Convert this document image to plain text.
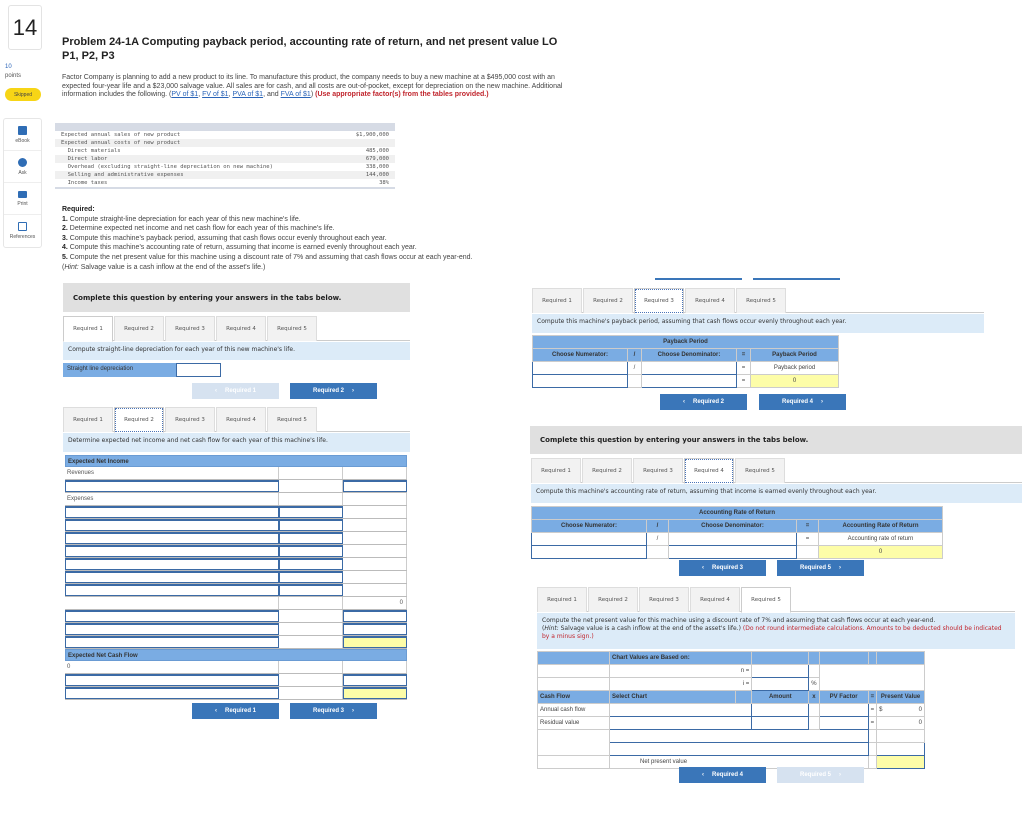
14
10
points
Skipped
eBook
Ask
Print
References
Problem 24-1A Computing payback period, accounting rate of return, and net present value LO P1, P2, P3
Factor Company is planning to add a new product to its line. To manufacture this product, the company needs to buy a new machine at a $495,000 cost with an expected four-year life and a $23,000 salvage value. All sales are for cash, and all costs are out-of-pocket, except for depreciation on the new machine. Additional information includes the following. (PV of $1, FV of $1, PVA of $1, and FVA of $1) (Use appropriate factor(s) from the tables provided.)
Expected annual sales of new product	$1,900,000
Expected annual costs of new product
Direct materials	485,000
Direct labor	679,000
Overhead (excluding straight-line depreciation on new machine)	338,000
Selling and administrative expenses	144,000
Income taxes	38%
Required:
1. Compute straight-line depreciation for each year of this new machine's life.
2. Determine expected net income and net cash flow for each year of this machine's life.
3. Compute this machine's payback period, assuming that cash flows occur evenly throughout each year.
4. Compute this machine's accounting rate of return, assuming that income is earned evenly throughout each year.
5. Compute the net present value for this machine using a discount rate of 7% and assuming that cash flows occur at each year-end.
(Hint: Salvage value is a cash inflow at the end of the asset's life.)
Complete this question by entering your answers in the tabs below.
Required 1	Required 2	Required 3	Required 4	Required 5
Compute straight-line depreciation for each year of this new machine's life.
Straight line depreciation
‹ Required 1	Required 2 ›
Required 1	Required 2	Required 3	Required 4	Required 5
Determine expected net income and net cash flow for each year of this machine's life.
Expected Net Income
Revenues
Expenses
0
Expected Net Cash Flow
0
‹ Required 1	Required 3 ›
Required 1	Required 2	Required 3	Required 4	Required 5
Compute this machine's payback period, assuming that cash flows occur evenly throughout each year.
Payback Period				
Choose Numerator:	/	Choose Denominator:	=	Payback Period
	/		=	Payback period
			=	0
‹ Required 2	Required 4 ›
Complete this question by entering your answers in the tabs below.
Required 1	Required 2	Required 3	Required 4	Required 5
Compute this machine's accounting rate of return, assuming that income is earned evenly throughout each year.
Accounting Rate of Return				
Choose Numerator:	/	Choose Denominator:	=	Accounting Rate of Return
	/		=	Accounting rate of return
				0
‹ Required 3	Required 5 ›
Required 1	Required 2	Required 3	Required 4	Required 5
Compute the net present value for this machine using a discount rate of 7% and assuming that cash flows occur at each year-end.
(Hint: Salvage value is a cash inflow at the end of the asset's life.) (Do not round intermediate calculations. Amounts to be deducted should be indicated by a minus sign.)
	Chart Values are Based on:						
	n =						
	i =			%			
Cash Flow	Select Chart		Amount	x	PV Factor	=	Present Value
Annual cash flow						=	$ 0

Residual value						=	0

	Net present value						
‹ Required 4	Required 5 ›
